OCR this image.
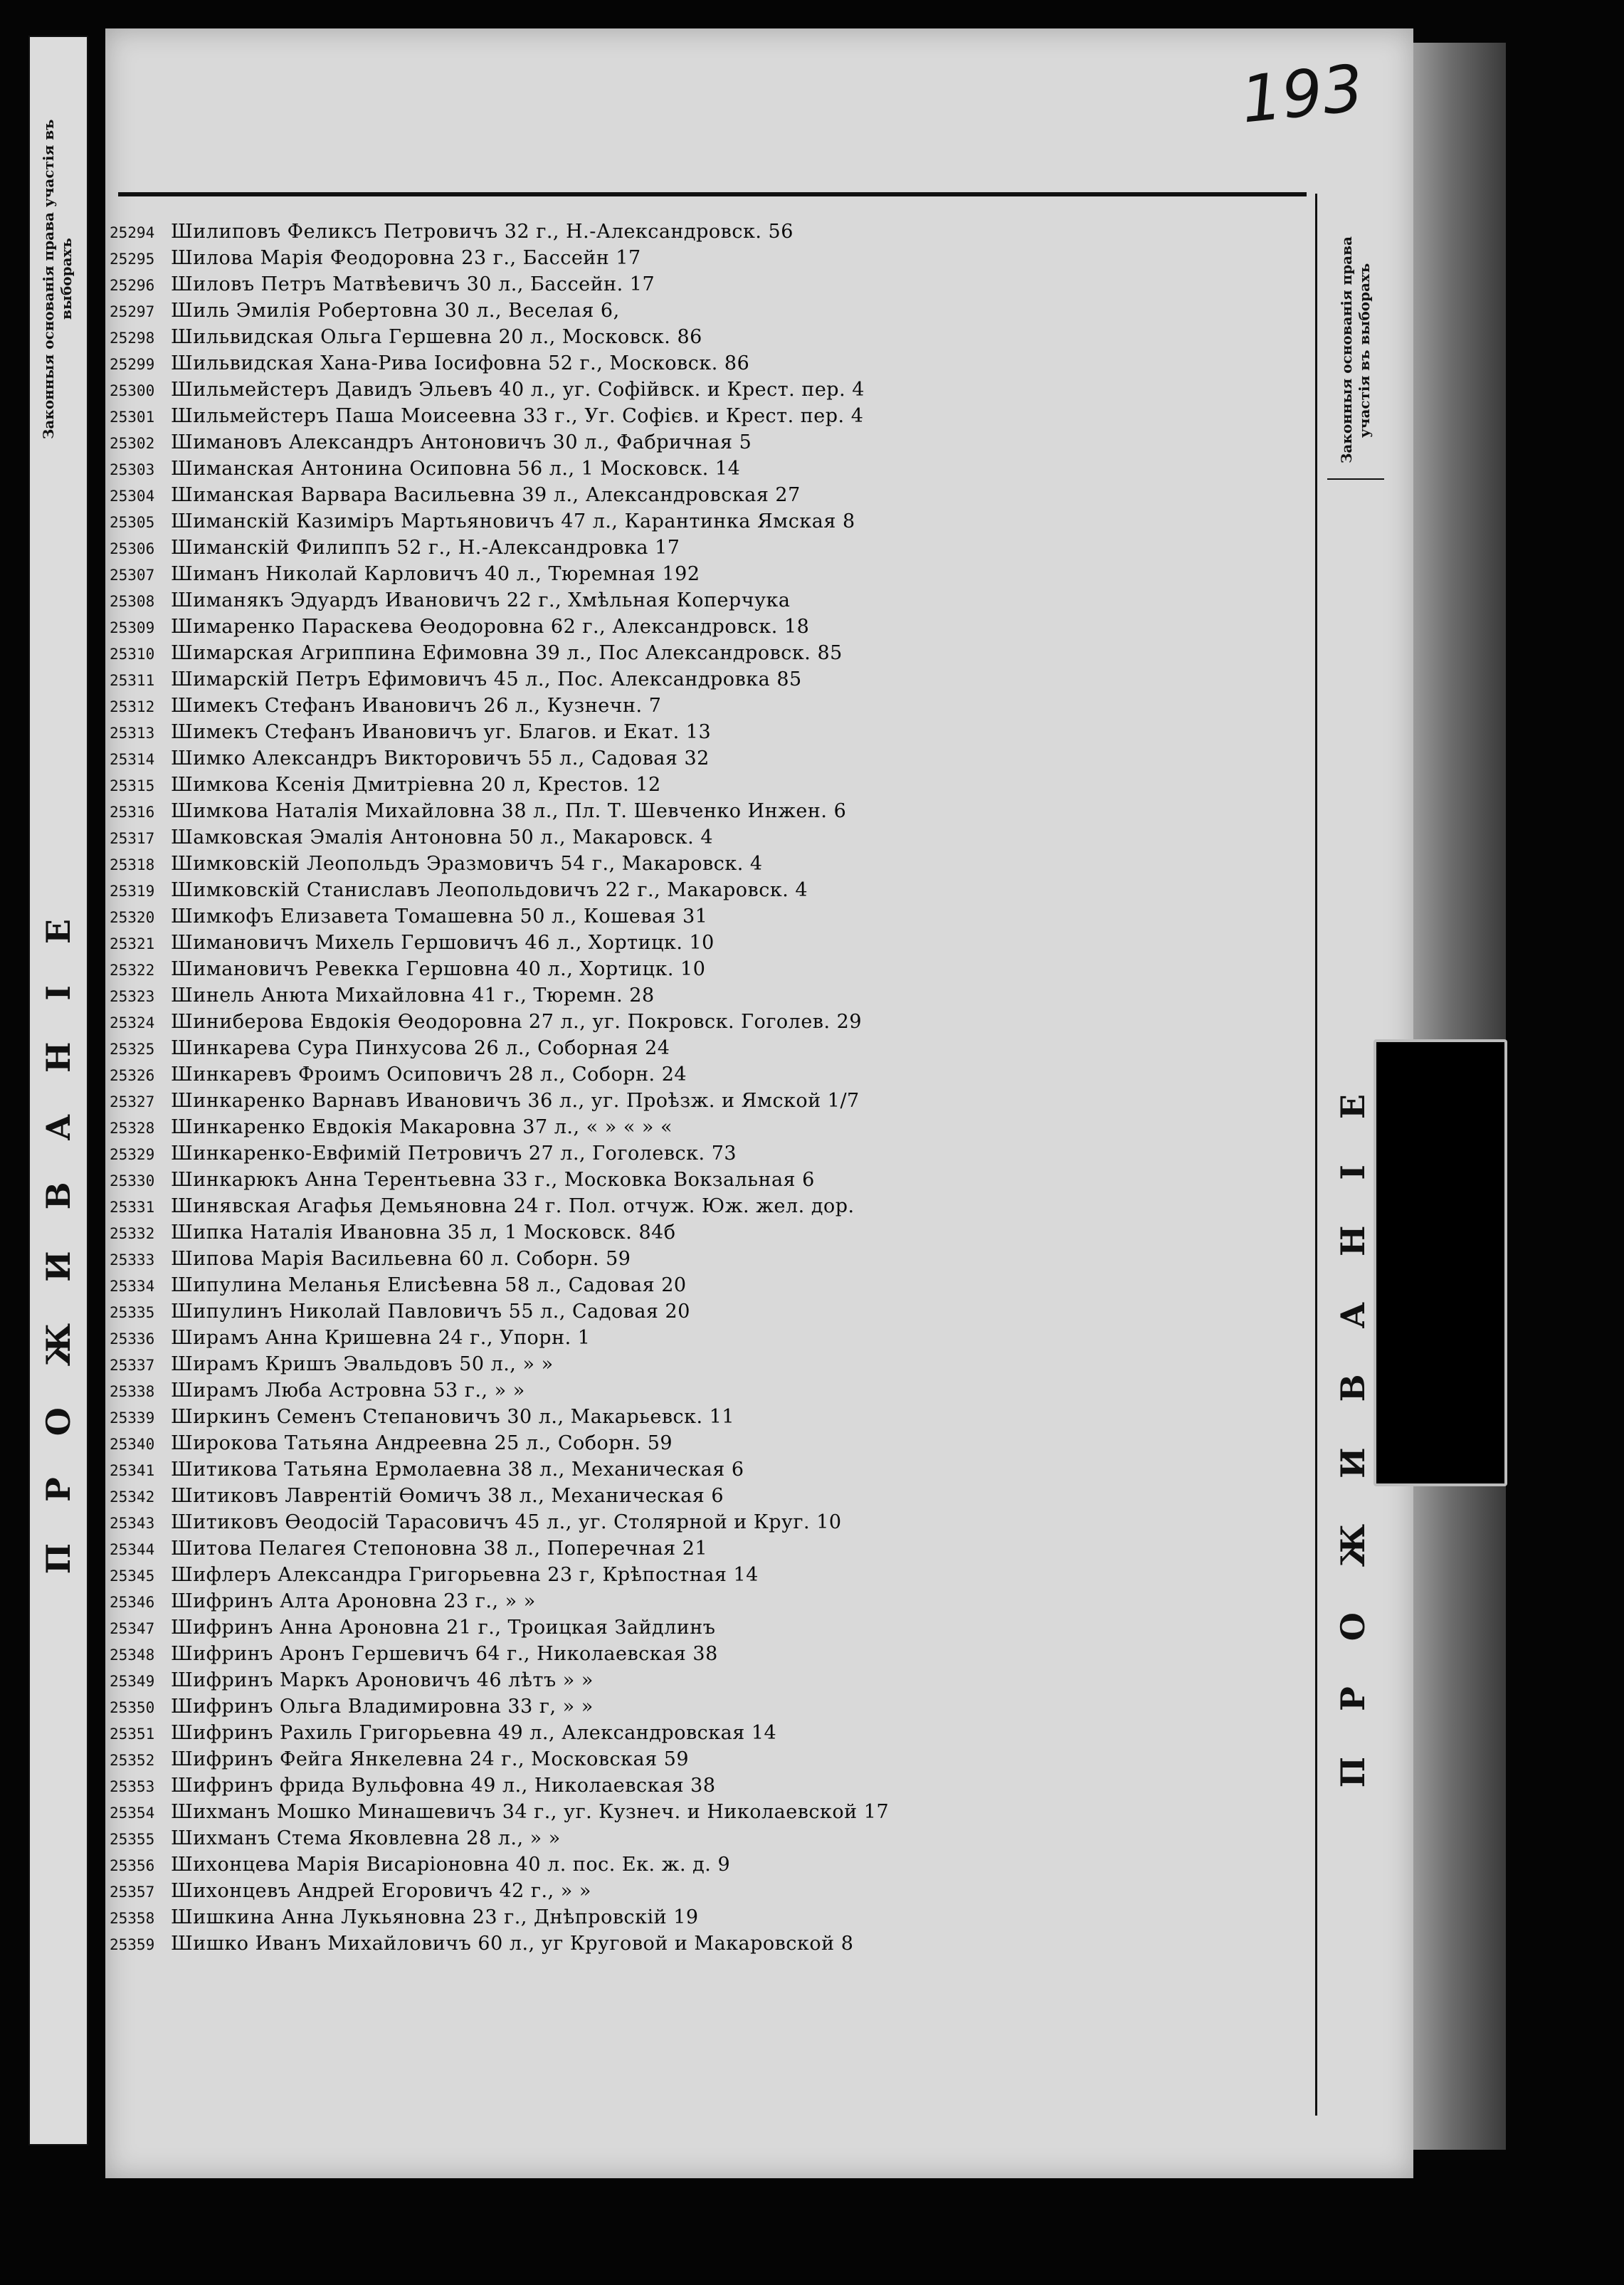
Законныя основанія права участія въ выборахъ
ПРОЖИВАНІЕ
193
25294 Шилиповъ Феликсъ Петровичъ 32 г., Н.-Александровск. 56
25295 Шилова Марія Феодоровна 23 г., Бассейн 17
25296 Шиловъ Петръ Матвѣевичъ 30 л., Бассейн. 17
25297 Шиль Эмилія Робертовна 30 л., Веселая 6,
25298 Шильвидская Ольга Гершевна 20 л., Московск. 86
25299 Шильвидская Хана-Рива Іосифовна 52 г., Московск. 86
25300 Шильмейстеръ Давидъ Эльевъ 40 л., уг. Софійвск. и Крест. пер. 4
25301 Шильмейстеръ Паша Моисеевна 33 г., Уг. Софієв. и Крест. пер. 4
25302 Шимановъ Александръ Антоновичъ 30 л., Фабричная 5
25303 Шиманская Антонина Осиповна 56 л., 1 Московск. 14
25304 Шиманская Варвара Васильевна 39 л., Александровская 27
25305 Шиманскій Казиміръ Мартьяновичъ 47 л., Карантинка Ямская 8
25306 Шиманскій Филиппъ 52 г., Н.-Александровка 17
25307 Шиманъ Николай Карловичъ 40 л., Тюремная 192
25308 Шиманякъ Эдуардъ Ивановичъ 22 г., Хмѣльная Коперчука
25309 Шимаренко Параскева Өеодоровна 62 г., Александровск. 18
25310 Шимарская Агриппина Ефимовна 39 л., Пос Александровск. 85
25311 Шимарскій Петръ Ефимовичъ 45 л., Пос. Александровка 85
25312 Шимекъ Стефанъ Ивановичъ 26 л., Кузнечн. 7
25313 Шимекъ Стефанъ Ивановичъ уг. Благов. и Екат. 13
25314 Шимко Александръ Викторовичъ 55 л., Садовая 32
25315 Шимкова Ксенія Дмитріевна 20 л, Крестов. 12
25316 Шимкова Наталія Михайловна 38 л., Пл. Т. Шевченко Инжен. 6
25317 Шамковская Эмалія Антоновна 50 л., Макаровск. 4
25318 Шимковскій Леопольдъ Эразмовичъ 54 г., Макаровск. 4
25319 Шимковскій Станиславъ Леопольдовичъ 22 г., Макаровск. 4
25320 Шимкофъ Елизавета Томашевна 50 л., Кошевая 31
25321 Шимановичъ Михель Гершовичъ 46 л., Хортицк. 10
25322 Шимановичъ Ревекка Гершовна 40 л., Хортицк. 10
25323 Шинель Анюта Михайловна 41 г., Тюремн. 28
25324 Шиниберова Евдокія Өеодоровна 27 л., уг. Покровск. Гоголев. 29
25325 Шинкарева Сура Пинхусова 26 л., Соборная 24
25326 Шинкаревъ Фроимъ Осиповичъ 28 л., Соборн. 24
25327 Шинкаренко Варнавъ Ивановичъ 36 л., уг. Проѣзж. и Ямской 1/7
25328 Шинкаренко Евдокія Макаровна 37 л., « » « » «
25329 Шинкаренко-Евфимій Петровичъ 27 л., Гоголевск. 73
25330 Шинкарюкъ Анна Терентьевна 33 г., Московка Вокзальная 6
25331 Шинявская Агафья Демьяновна 24 г. Пол. отчуж. Юж. жел. дор.
25332 Шипка Наталія Ивановна 35 л, 1 Московск. 84б
25333 Шипова Марія Васильевна 60 л. Соборн. 59
25334 Шипулина Меланья Елисѣевна 58 л., Садовая 20
25335 Шипулинъ Николай Павловичъ 55 л., Садовая 20
25336 Ширамъ Анна Кришевна 24 г., Упорн. 1
25337 Ширамъ Кришъ Эвальдовъ 50 л., » »
25338 Ширамъ Люба Астровна 53 г., » »
25339 Ширкинъ Семенъ Степановичъ 30 л., Макарьевск. 11
25340 Широкова Татьяна Андреевна 25 л., Соборн. 59
25341 Шитикова Татьяна Ермолаевна 38 л., Механическая 6
25342 Шитиковъ Лаврентій Өомичъ 38 л., Механическая 6
25343 Шитиковъ Өеодосій Тарасовичъ 45 л., уг. Столярной и Круг. 10
25344 Шитова Пелагея Степоновна 38 л., Поперечная 21
25345 Шифлеръ Александра Григорьевна 23 г, Крѣпостная 14
25346 Шифринъ Алта Ароновна 23 г., » »
25347 Шифринъ Анна Ароновна 21 г., Троицкая Зайдлинъ
25348 Шифринъ Аронъ Гершевичъ 64 г., Николаевская 38
25349 Шифринъ Маркъ Ароновичъ 46 лѣтъ » »
25350 Шифринъ Ольга Владимировна 33 г, » »
25351 Шифринъ Рахиль Григорьевна 49 л., Александровская 14
25352 Шифринъ Фейга Янкелевна 24 г., Московская 59
25353 Шифринъ фрида Вульфовна 49 л., Николаевская 38
25354 Шихманъ Мошко Минашевичъ 34 г., уг. Кузнеч. и Николаевской 17
25355 Шихманъ Стема Яковлевна 28 л., » »
25356 Шихонцева Марія Висаріоновна 40 л. пос. Ек. ж. д. 9
25357 Шихонцевъ Андрей Егоровичъ 42 г., » »
25358 Шишкина Анна Лукьяновна 23 г., Днѣпровскій 19
25359 Шишко Иванъ Михайловичъ 60 л., уг Круговой и Макаровской 8
Законныя основанія права участія въ выборахъ
ПРОЖИВАНІЕ
